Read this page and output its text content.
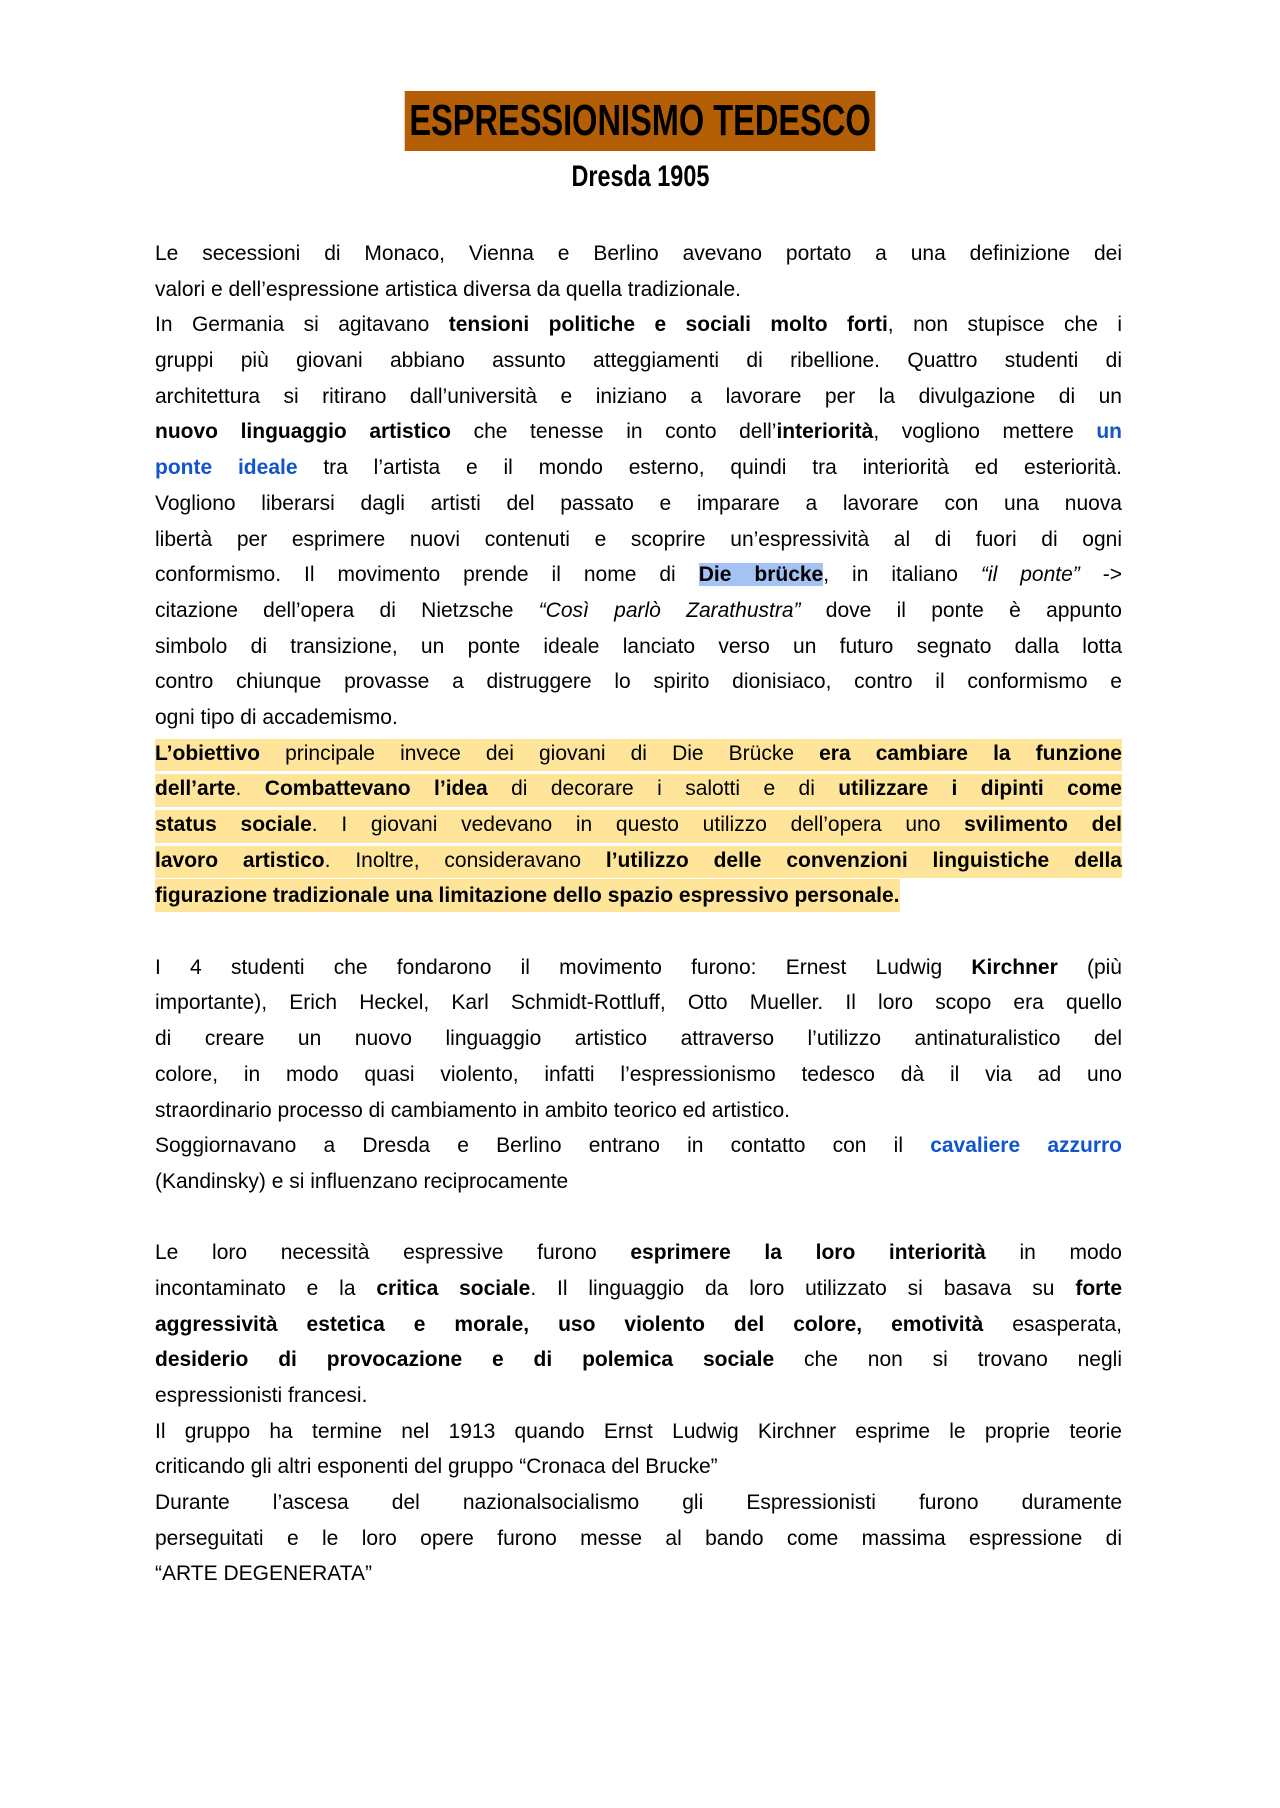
ESPRESSIONISMO TEDESCO
Dresda 1905
Le secessioni di Monaco, Vienna e Berlino avevano portato a una definizione dei
valori e dell’espressione artistica diversa da quella tradizionale.
In Germania si agitavano tensioni politiche e sociali molto forti, non stupisce che i
gruppi più giovani abbiano assunto atteggiamenti di ribellione. Quattro studenti di
architettura si ritirano dall’università e iniziano a lavorare per la divulgazione di un
nuovo linguaggio artistico che tenesse in conto dell’interiorità, vogliono mettere un
ponte ideale tra l’artista e il mondo esterno, quindi tra interiorità ed esteriorità.
Vogliono liberarsi dagli artisti del passato e imparare a lavorare con una nuova
libertà per esprimere nuovi contenuti e scoprire un’espressività al di fuori di ogni
conformismo. Il movimento prende il nome di Die brücke, in italiano “il ponte” ->
citazione dell’opera di Nietzsche “Così parlò Zarathustra” dove il ponte è appunto
simbolo di transizione, un ponte ideale lanciato verso un futuro segnato dalla lotta
contro chiunque provasse a distruggere lo spirito dionisiaco, contro il conformismo e
ogni tipo di accademismo.
L’obiettivo principale invece dei giovani di Die Brücke era cambiare la funzione
dell’arte. Combattevano l’idea di decorare i salotti e di utilizzare i dipinti come
status sociale. I giovani vedevano in questo utilizzo dell’opera uno svilimento del
lavoro artistico. Inoltre, consideravano l’utilizzo delle convenzioni linguistiche della
figurazione tradizionale una limitazione dello spazio espressivo personale.
I 4 studenti che fondarono il movimento furono: Ernest Ludwig Kirchner (più
importante), Erich Heckel, Karl Schmidt-Rottluff, Otto Mueller. Il loro scopo era quello
di creare un nuovo linguaggio artistico attraverso l’utilizzo antinaturalistico del
colore, in modo quasi violento, infatti l’espressionismo tedesco dà il via ad uno
straordinario processo di cambiamento in ambito teorico ed artistico.
Soggiornavano a Dresda e Berlino entrano in contatto con il cavaliere azzurro
(Kandinsky) e si influenzano reciprocamente
Le loro necessità espressive furono esprimere la loro interiorità in modo
incontaminato e la critica sociale. Il linguaggio da loro utilizzato si basava su forte
aggressività estetica e morale, uso violento del colore, emotività esasperata,
desiderio di provocazione e di polemica sociale che non si trovano negli
espressionisti francesi.
Il gruppo ha termine nel 1913 quando Ernst Ludwig Kirchner esprime le proprie teorie
criticando gli altri esponenti del gruppo “Cronaca del Brucke”
Durante l’ascesa del nazionalsocialismo gli Espressionisti furono duramente
perseguitati e le loro opere furono messe al bando come massima espressione di
“ARTE DEGENERATA”
